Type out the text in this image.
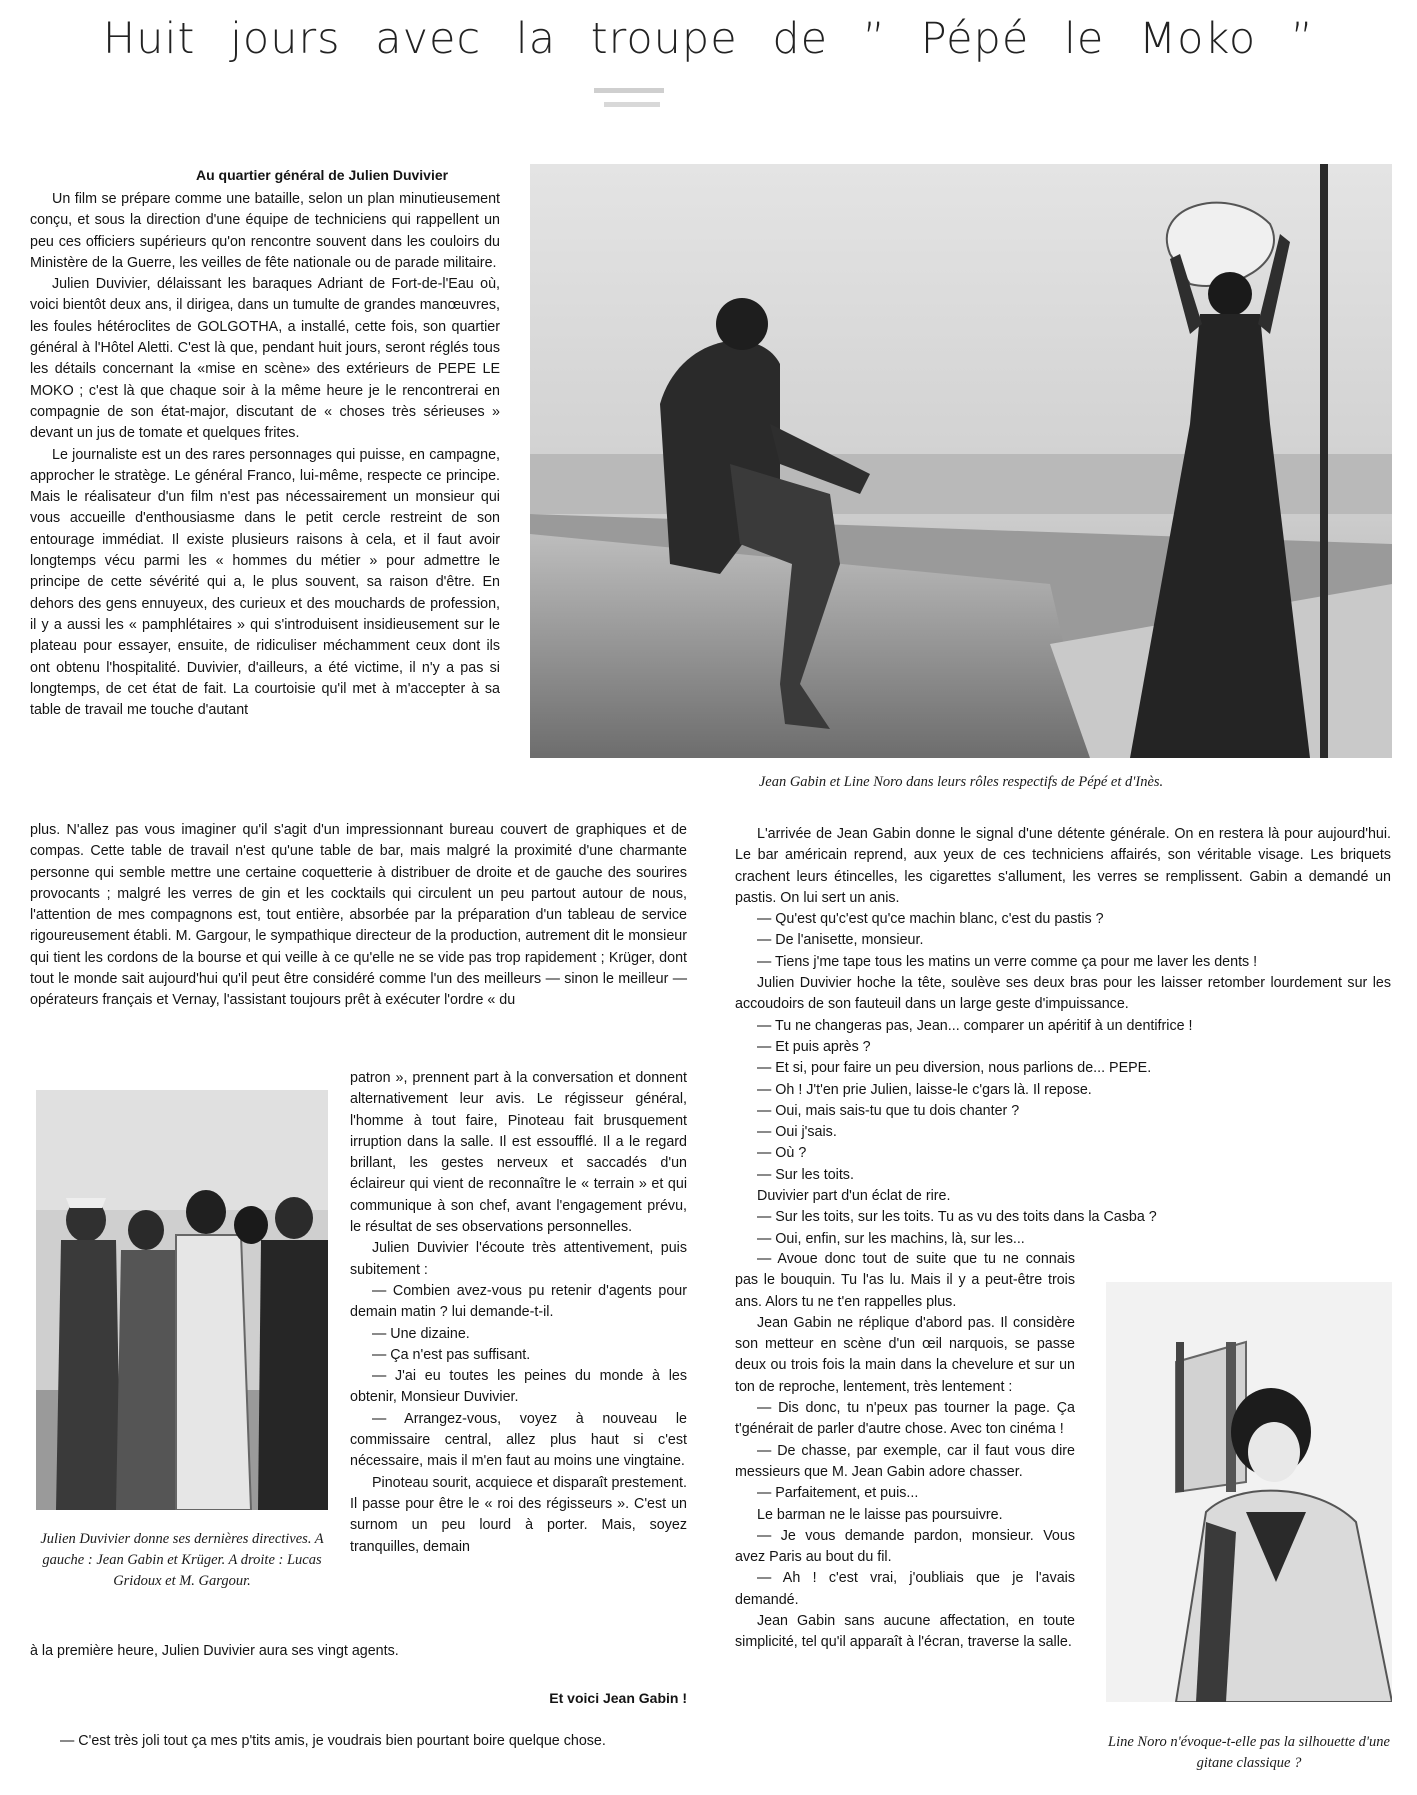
Huit jours avec la troupe de ” Pépé le Moko ”
Au quartier général de Julien Duvivier

Un film se prépare comme une bataille, selon un plan minutieusement conçu, et sous la direction d'une équipe de techniciens qui rappellent un peu ces officiers supérieurs qu'on rencontre souvent dans les couloirs du Ministère de la Guerre, les veilles de fête nationale ou de parade militaire.

Julien Duvivier, délaissant les baraques Adriant de Fort-de-l'Eau où, voici bientôt deux ans, il dirigea, dans un tumulte de grandes manœuvres, les foules hétéroclites de GOLGOTHA, a installé, cette fois, son quartier général à l'Hôtel Aletti. C'est là que, pendant huit jours, seront réglés tous les détails concernant la «mise en scène» des extérieurs de PEPE LE MOKO ; c'est là que chaque soir à la même heure je le rencontrerai en compagnie de son état-major, discutant de « choses très sérieuses » devant un jus de tomate et quelques frites.

Le journaliste est un des rares personnages qui puisse, en campagne, approcher le stratège. Le général Franco, lui-même, respecte ce principe. Mais le réalisateur d'un film n'est pas nécessairement un monsieur qui vous accueille d'enthousiasme dans le petit cercle restreint de son entourage immédiat. Il existe plusieurs raisons à cela, et il faut avoir longtemps vécu parmi les « hommes du métier » pour admettre le principe de cette sévérité qui a, le plus souvent, sa raison d'être. En dehors des gens ennuyeux, des curieux et des mouchards de profession, il y a aussi les « pamphlétaires » qui s'introduisent insidieusement sur le plateau pour essayer, ensuite, de ridiculiser méchamment ceux dont ils ont obtenu l'hospitalité. Duvivier, d'ailleurs, a été victime, il n'y a pas si longtemps, de cet état de fait. La courtoisie qu'il met à m'accepter à sa table de travail me touche d'autant

Jean Gabin et Line Noro dans leurs rôles respectifs de Pépé et d'Inès.

plus. N'allez pas vous imaginer qu'il s'agit d'un impressionnant bureau couvert de graphiques et de compas. Cette table de travail n'est qu'une table de bar, mais malgré la proximité d'une charmante personne qui semble mettre une certaine coquetterie à distribuer de droite et de gauche des sourires provocants ; malgré les verres de gin et les cocktails qui circulent un peu partout autour de nous, l'attention de mes compagnons est, tout entière, absorbée par la préparation d'un tableau de service rigoureusement établi. M. Gargour, le sympathique directeur de la production, autrement dit le monsieur qui tient les cordons de la bourse et qui veille à ce qu'elle ne se vide pas trop rapidement ; Krüger, dont tout le monde sait aujourd'hui qu'il peut être considéré comme l'un des meilleurs — sinon le meilleur — opérateurs français et Vernay, l'assistant toujours prêt à exécuter l'ordre « du

Julien Duvivier donne ses dernières directives. A gauche : Jean Gabin et Krüger. A droite : Lucas Gridoux et M. Gargour.

patron », prennent part à la conversation et donnent alternativement leur avis. Le régisseur général, l'homme à tout faire, Pinoteau fait brusquement irruption dans la salle. Il est essoufflé. Il a le regard brillant, les gestes nerveux et saccadés d'un éclaireur qui vient de reconnaître le « terrain » et qui communique à son chef, avant l'engagement prévu, le résultat de ses observations personnelles.

Julien Duvivier l'écoute très attentivement, puis subitement :

— Combien avez-vous pu retenir d'agents pour demain matin ? lui demande-t-il.

— Une dizaine.

— Ça n'est pas suffisant.

— J'ai eu toutes les peines du monde à les obtenir, Monsieur Duvivier.

— Arrangez-vous, voyez à nouveau le commissaire central, allez plus haut si c'est nécessaire, mais il m'en faut au moins une vingtaine.

Pinoteau sourit, acquiece et disparaît prestement. Il passe pour être le « roi des régisseurs ». C'est un surnom un peu lourd à porter. Mais, soyez tranquilles, demain

à la première heure, Julien Duvivier aura ses vingt agents.

Et voici Jean Gabin !

— C'est très joli tout ça mes p'tits amis, je voudrais bien pourtant boire quelque chose.

L'arrivée de Jean Gabin donne le signal d'une détente générale. On en restera là pour aujourd'hui. Le bar américain reprend, aux yeux de ces techniciens affairés, son véritable visage. Les briquets crachent leurs étincelles, les cigarettes s'allument, les verres se remplissent. Gabin a demandé un pastis. On lui sert un anis.

— Qu'est qu'c'est qu'ce machin blanc, c'est du pastis ?

— De l'anisette, monsieur.

— Tiens j'me tape tous les matins un verre comme ça pour me laver les dents !

Julien Duvivier hoche la tête, soulève ses deux bras pour les laisser retomber lourdement sur les accoudoirs de son fauteuil dans un large geste d'impuissance.

— Tu ne changeras pas, Jean... comparer un apéritif à un dentifrice !

— Et puis après ?

— Et si, pour faire un peu diversion, nous parlions de... PEPE.

— Oh ! J't'en prie Julien, laisse-le c'gars là. Il repose.

— Oui, mais sais-tu que tu dois chanter ?

— Oui j'sais.

— Où ?

— Sur les toits.

Duvivier part d'un éclat de rire.

— Sur les toits, sur les toits. Tu as vu des toits dans la Casba ?

— Oui, enfin, sur les machins, là, sur les...

— Avoue donc tout de suite que tu ne connais pas le bouquin. Tu l'as lu. Mais il y a peut-être trois ans. Alors tu ne t'en rappelles plus.

Jean Gabin ne réplique d'abord pas. Il considère son metteur en scène d'un œil narquois, se passe deux ou trois fois la main dans la chevelure et sur un ton de reproche, lentement, très lentement :

— Dis donc, tu n'peux pas tourner la page. Ça t'générait de parler d'autre chose. Avec ton cinéma !

— De chasse, par exemple, car il faut vous dire messieurs que M. Jean Gabin adore chasser.

— Parfaitement, et puis...

Le barman ne le laisse pas poursuivre.

— Je vous demande pardon, monsieur. Vous avez Paris au bout du fil.

— Ah ! c'est vrai, j'oubliais que je l'avais demandé.

Jean Gabin sans aucune affectation, en toute simplicité, tel qu'il apparaît à l'écran, traverse la salle.

Line Noro n'évoque-t-elle pas la silhouette d'une gitane classique ?
